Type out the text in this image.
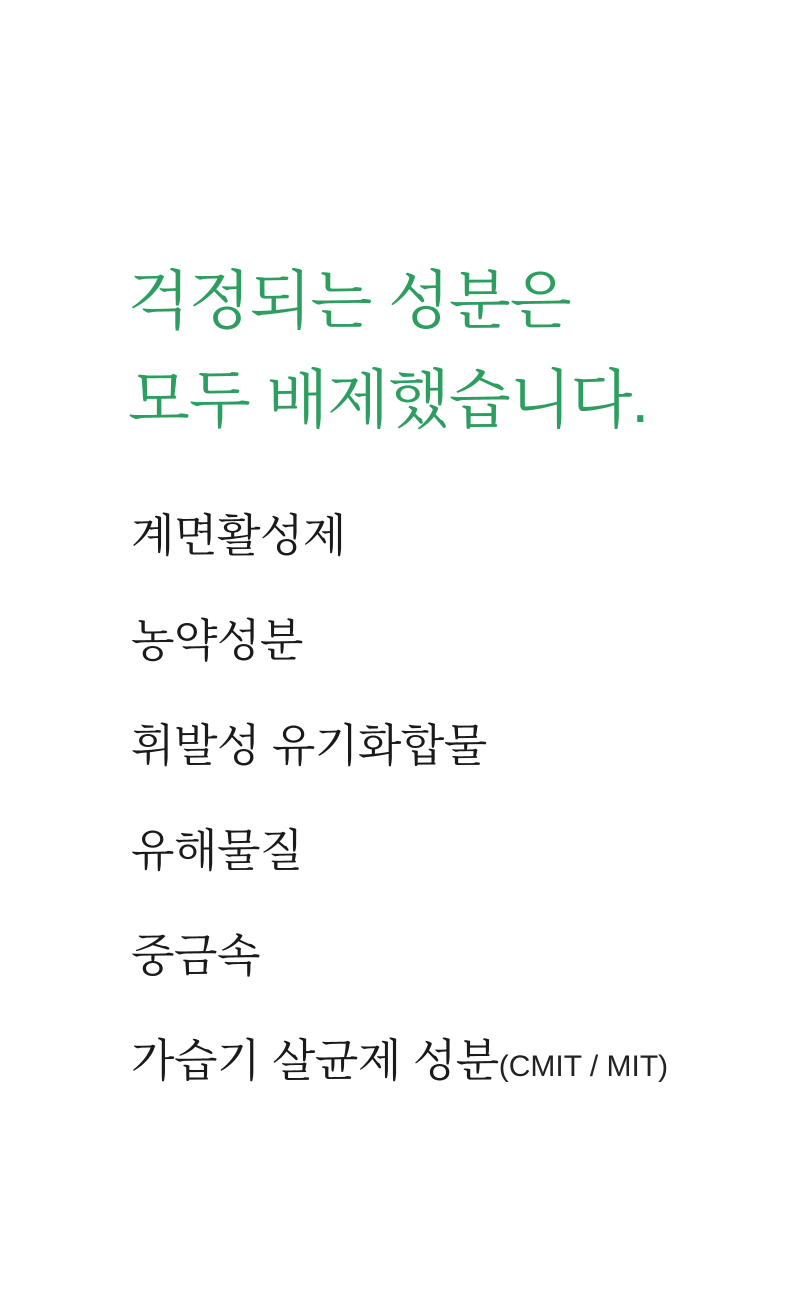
걱정되는 성분은
모두 배제했습니다.
계면활성제
농약성분
휘발성 유기화합물
유해물질
중금속
가습기 살균제 성분(CMIT / MIT)
